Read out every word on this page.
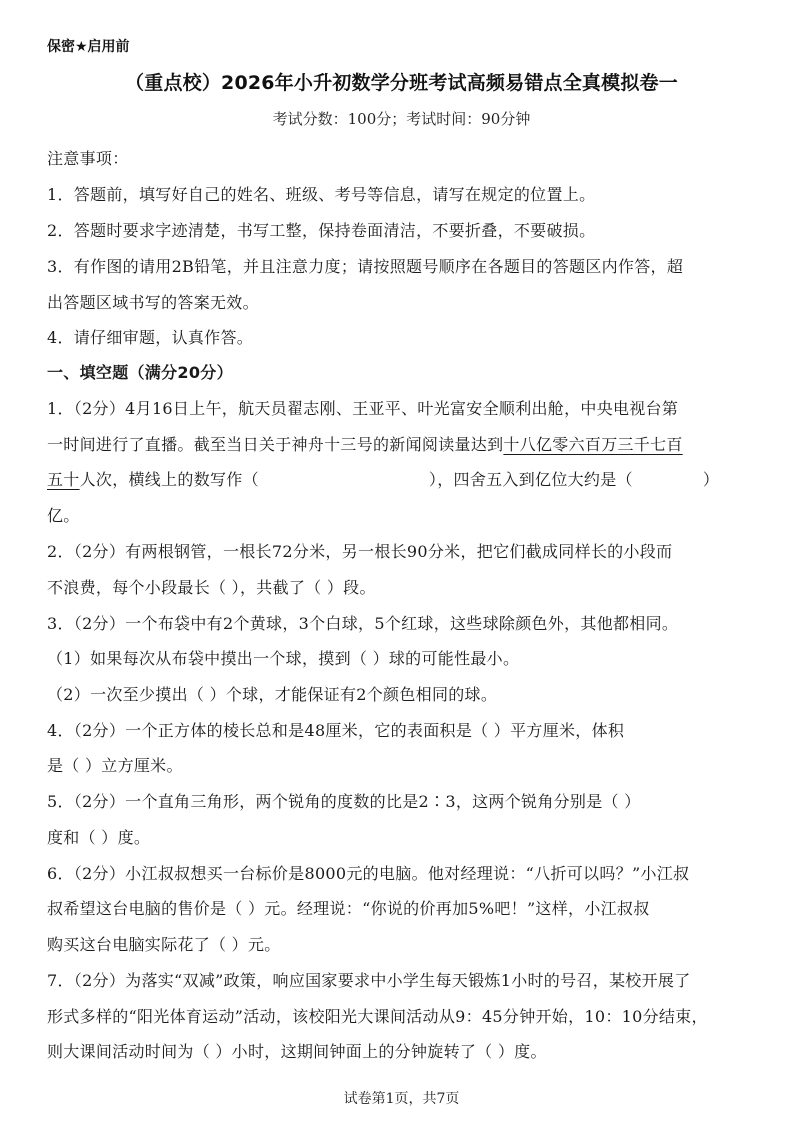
保密★启用前
（重点校）2026年小升初数学分班考试高频易错点全真模拟卷一
考试分数：100分；考试时间：90分钟
注意事项：
1．答题前，填写好自己的姓名、班级、考号等信息，请写在规定的位置上。
2．答题时要求字迹清楚，书写工整，保持卷面清洁，不要折叠，不要破损。
3．有作图的请用2B铅笔，并且注意力度；请按照题号顺序在各题目的答题区内作答，超
出答题区域书写的答案无效。
4．请仔细审题，认真作答。
一、填空题（满分20分）
1．（2分）4月16日上午，航天员翟志刚、王亚平、叶光富安全顺利出舱，中央电视台第
一时间进行了直播。截至当日关于神舟十三号的新闻阅读量达到十八亿零六百万三千七百
五十人次，横线上的数写作（	），四舍五入到亿位大约是（	）
亿。
2．（2分）有两根钢管，一根长72分米，另一根长90分米，把它们截成同样长的小段而
不浪费，每个小段最长（ ），共截了（ ）段。
3．（2分）一个布袋中有2个黄球，3个白球，5个红球，这些球除颜色外，其他都相同。
（1）如果每次从布袋中摸出一个球，摸到（ ）球的可能性最小。
（2）一次至少摸出（ ）个球，才能保证有2个颜色相同的球。
4．（2分）一个正方体的棱长总和是48厘米，它的表面积是（ ）平方厘米，体积
是（ ）立方厘米。
5．（2分）一个直角三角形，两个锐角的度数的比是2∶3，这两个锐角分别是（ ）
度和（ ）度。
6．（2分）小江叔叔想买一台标价是8000元的电脑。他对经理说：“八折可以吗？”小江叔
叔希望这台电脑的售价是（ ）元。经理说：“你说的价再加5%吧！”这样，小江叔叔
购买这台电脑实际花了（ ）元。
7．（2分）为落实“双减”政策，响应国家要求中小学生每天锻炼1小时的号召，某校开展了
形式多样的“阳光体育运动”活动，该校阳光大课间活动从9：45分钟开始，10：10分结束，
则大课间活动时间为（ ）小时，这期间钟面上的分钟旋转了（ ）度。
试卷第1页，共7页
